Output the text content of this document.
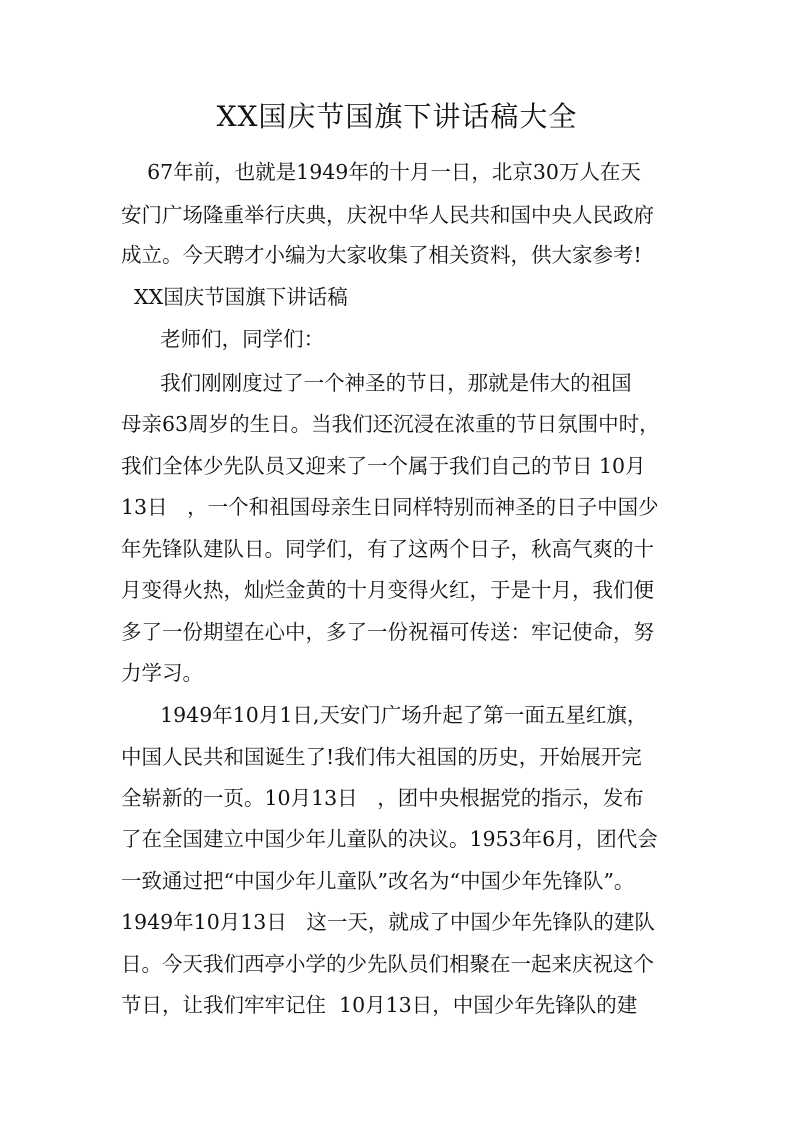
XX国庆节国旗下讲话稿大全
67年前，也就是1949年的十月一日，北京30万人在天
安门广场隆重举行庆典，庆祝中华人民共和国中央人民政府
成立。今天聘才小编为大家收集了相关资料，供大家参考!
XX国庆节国旗下讲话稿
老师们，同学们：
我们刚刚度过了一个神圣的节日，那就是伟大的祖国
母亲63周岁的生日。当我们还沉浸在浓重的节日氛围中时，
我们全体少先队员又迎来了一个属于我们自己的节日 10月
13日   ，一个和祖国母亲生日同样特别而神圣的日子中国少
年先锋队建队日。同学们，有了这两个日子，秋高气爽的十
月变得火热，灿烂金黄的十月变得火红，于是十月，我们便
多了一份期望在心中，多了一份祝福可传送：牢记使命，努
力学习。
1949年10月1日,天安门广场升起了第一面五星红旗，
中国人民共和国诞生了!我们伟大祖国的历史，开始展开完
全崭新的一页。10月13日   ，团中央根据党的指示，发布
了在全国建立中国少年儿童队的决议。1953年6月，团代会
一致通过把“中国少年儿童队”改名为“中国少年先锋队”。
1949年10月13日   这一天，就成了中国少年先锋队的建队
日。今天我们西亭小学的少先队员们相聚在一起来庆祝这个
节日，让我们牢牢记住  10月13日，中国少年先锋队的建
